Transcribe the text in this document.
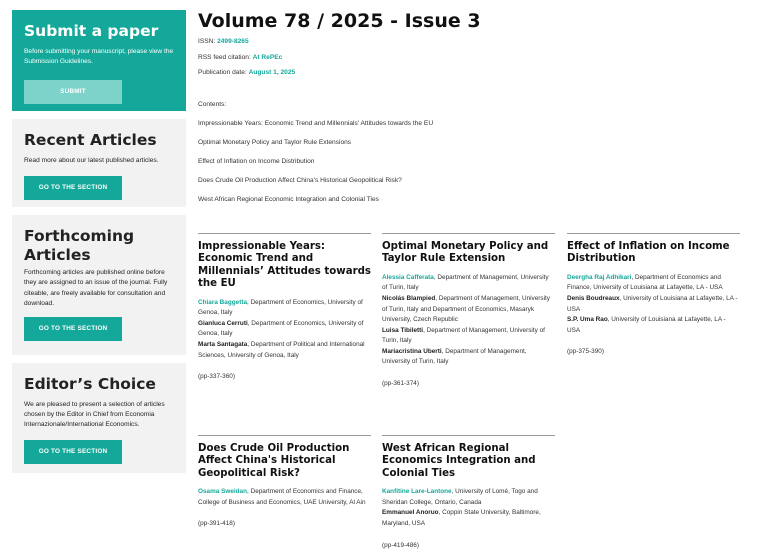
Submit a paper

Before submitting your manuscript, please view the Submission Guidelines.

SUBMIT
Recent Articles

Read more about our latest published articles.

GO TO THE SECTION
Forthcoming
Articles

Forthcoming articles are published online before they are assigned to an issue of the journal. Fully citeable, are freely available for consultation and download.

GO TO THE SECTION
Editor’s Choice

We are pleased to present a selection of articles chosen by the Editor in Chief from Economia Internazionale/International Economics.

GO TO THE SECTION
Volume 78 / 2025 - Issue 3
ISSN: 2499-8265
RSS feed citation: At RePEc
Publication date: August 1, 2025
Contents:
Impressionable Years: Economic Trend and Millennials' Attitudes towards the EU
Optimal Monetary Policy and Taylor Rule Extensions
Effect of Inflation on Income Distribution
Does Crude Oil Production Affect China's Historical Geopolitical Risk?
West African Regional Economic Integration and Colonial Ties
Impressionable Years: Economic Trend and Millennials’ Attitudes towards the EU

Chiara Baggetta, Department of Economics, University of Genoa, Italy

Gianluca Cerruti, Department of Economics, University of Genoa, Italy

Marta Santagata, Department of Political and International Sciences, University of Genoa, Italy

(pp-337-360)

Optimal Monetary Policy and Taylor Rule Extension

Alessia Cafferata, Department of Management, University of Turin, Italy

Nicolás Blampied, Department of Management, University of Turin, Italy and Department of Economics, Masaryk University, Czech Republic

Luisa Tibiletti, Department of Management, University of Turin, Italy

Mariacristina Uberti, Department of Management, University of Turin, Italy

(pp-361-374)

Effect of Inflation on Income Distribution

Deergha Raj Adhikari, Department of Economics and Finance, University of Louisiana at Lafayette, LA - USA

Denis Boudreaux, University of Louisiana at Lafayette, LA - USA

S.P. Uma Rao, University of Louisiana at Lafayette, LA - USA

(pp-375-390)

Does Crude Oil Production Affect China's Historical Geopolitical Risk?

Osama Sweidan, Department of Economics and Finance, College of Business and Economics, UAE University, Al Ain

(pp-391-418)

West African Regional Economics Integration and Colonial Ties

Kanfitine Lare-Lantone, University of Lomé, Togo and Sheridan College, Ontario, Canada

Emmanuel Anoruo, Coppin State University, Baltimore, Maryland, USA

(pp-419-486)
